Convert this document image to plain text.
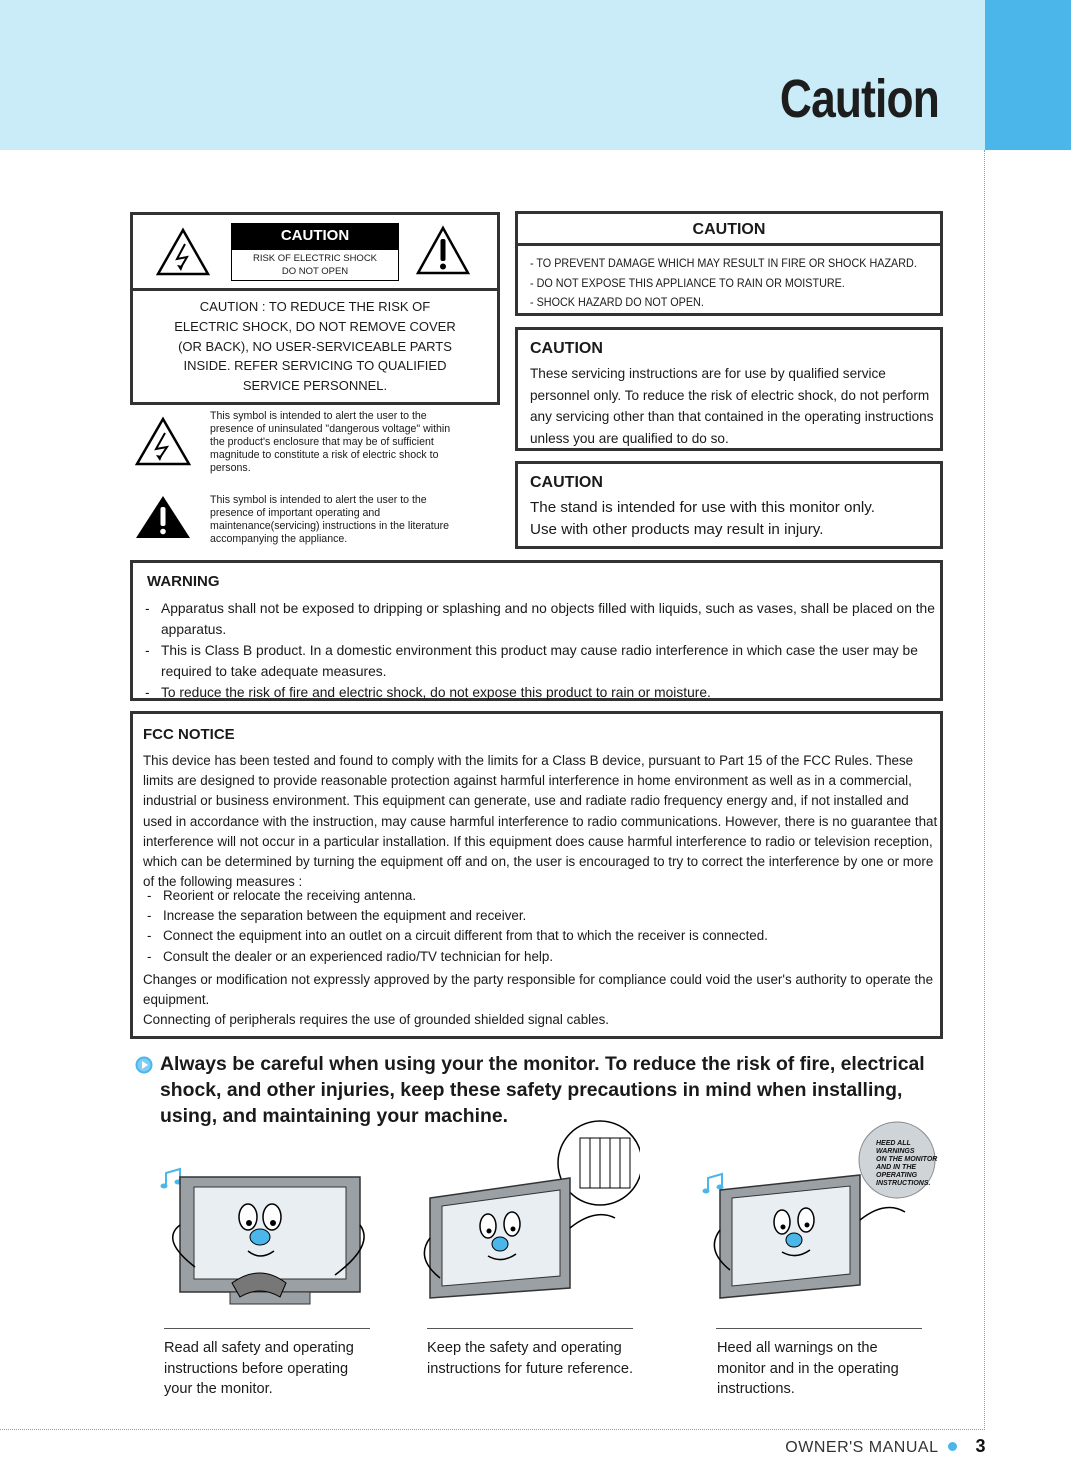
Caution
CAUTION
RISK OF ELECTRIC SHOCK
DO NOT OPEN
CAUTION : TO REDUCE THE RISK OF
ELECTRIC SHOCK, DO NOT REMOVE COVER
(OR BACK), NO USER-SERVICEABLE PARTS
INSIDE. REFER SERVICING TO QUALIFIED
SERVICE PERSONNEL.
This symbol is intended to alert the user to the presence of uninsulated "dangerous voltage" within the product's enclosure that may be of sufficient magnitude to constitute a risk of electric shock to persons.
This symbol is intended to alert the user to the presence of important operating and maintenance(servicing) instructions in the literature accompanying the appliance.
CAUTION
- TO PREVENT DAMAGE WHICH MAY RESULT IN FIRE OR SHOCK HAZARD.
- DO NOT EXPOSE THIS APPLIANCE TO RAIN OR MOISTURE.
- SHOCK HAZARD DO NOT OPEN.
CAUTION
These servicing instructions are for use by qualified service personnel only. To reduce the risk of electric shock, do not perform any servicing other than that contained in the operating instructions unless you are qualified to do so.
CAUTION
The stand is intended for use with this monitor only.
Use with other products may result in injury.
WARNING
- Apparatus shall not be exposed to dripping or splashing and no objects filled with liquids, such as vases, shall be placed on the apparatus.
- This is Class B product. In a domestic environment this product may cause radio interference in which case the user may be required to take adequate measures.
- To reduce the risk of fire and electric shock, do not expose this product to rain or moisture.
FCC NOTICE
This device has been tested and found to comply with the limits for a Class B device, pursuant to Part 15 of the FCC Rules. These limits are designed to provide reasonable protection against harmful interference in home environment as well as in a commercial, industrial or business environment. This equipment can generate, use and radiate radio frequency energy and, if not installed and used in accordance with the instruction, may cause harmful interference to radio communications. However, there is no guarantee that interference will not occur in a particular installation. If this equipment does cause harmful interference to radio or television reception, which can be determined by turning the equipment off and on, the user is encouraged to try to correct the interference by one or more of the following measures :
- Reorient or relocate the receiving antenna.
- Increase the separation between the equipment and receiver.
- Connect the equipment into an outlet on a circuit different from that to which the receiver is connected.
- Consult the dealer or an experienced radio/TV technician for help.
Changes or modification not expressly approved by the party responsible for compliance could void the user's authority to operate the equipment.
Connecting of peripherals requires the use of grounded shielded signal cables.
Always be careful when using your the monitor. To reduce the risk of fire, electrical shock, and other injuries, keep these safety precautions in mind when installing, using, and maintaining your machine.
Read all safety and operating instructions before operating your the monitor.
Keep the safety and operating instructions for future reference.
HEED ALL
WARNINGS
ON THE MONITOR
AND IN THE
OPERATING
INSTRUCTIONS.
Heed all warnings on the monitor and in the operating instructions.
OWNER'S MANUAL 3
